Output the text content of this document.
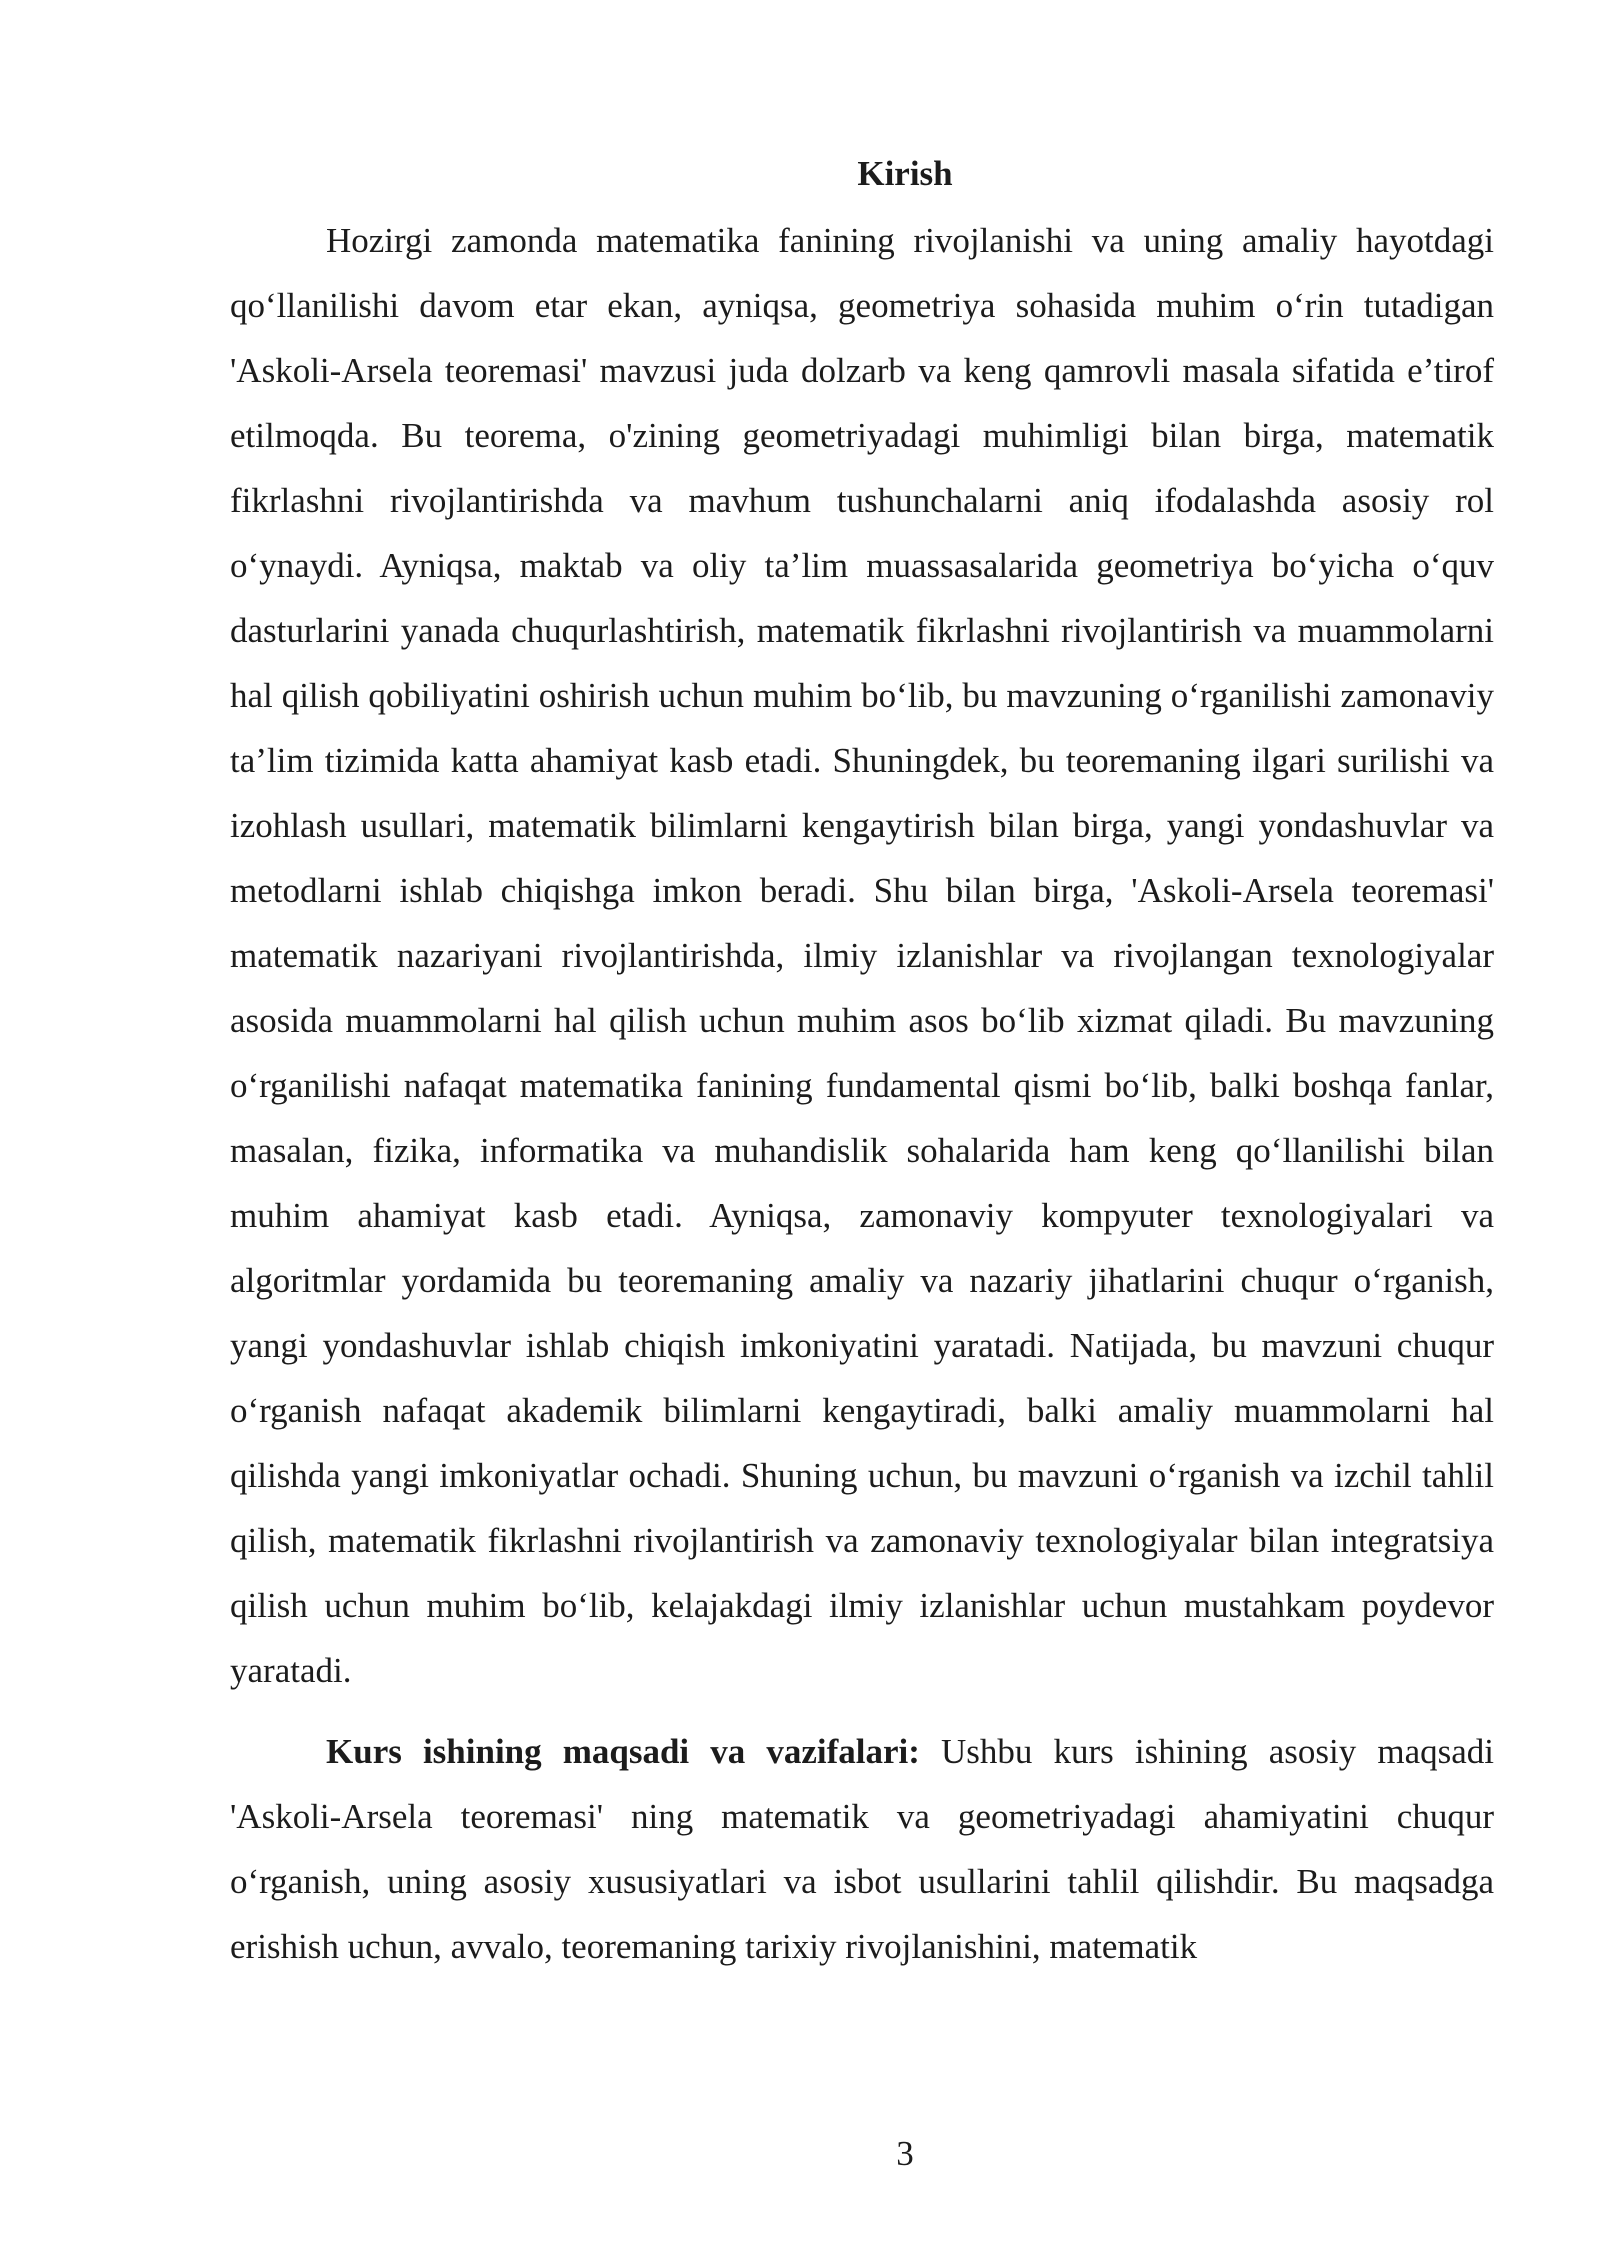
Kirish

Hozirgi zamonda matematika fanining rivojlanishi va uning amaliy hayotdagi qo‘llanilishi davom etar ekan, ayniqsa, geometriya sohasida muhim o‘rin tutadigan 'Askoli-Arsela teoremasi' mavzusi juda dolzarb va keng qamrovli masala sifatida e’tirof etilmoqda. Bu teorema, o'zining geometriyadagi muhimligi bilan birga, matematik fikrlashni rivojlantirishda va mavhum tushunchalarni aniq ifodalashda asosiy rol o‘ynaydi. Ayniqsa, maktab va oliy ta’lim muassasalarida geometriya bo‘yicha o‘quv dasturlarini yanada chuqurlashtirish, matematik fikrlashni rivojlantirish va muammolarni hal qilish qobiliyatini oshirish uchun muhim bo‘lib, bu mavzuning o‘rganilishi zamonaviy ta’lim tizimida katta ahamiyat kasb etadi. Shuningdek, bu teoremaning ilgari surilishi va izohlash usullari, matematik bilimlarni kengaytirish bilan birga, yangi yondashuvlar va metodlarni ishlab chiqishga imkon beradi. Shu bilan birga, 'Askoli-Arsela teoremasi' matematik nazariyani rivojlantirishda, ilmiy izlanishlar va rivojlangan texnologiyalar asosida muammolarni hal qilish uchun muhim asos bo‘lib xizmat qiladi. Bu mavzuning o‘rganilishi nafaqat matematika fanining fundamental qismi bo‘lib, balki boshqa fanlar, masalan, fizika, informatika va muhandislik sohalarida ham keng qo‘llanilishi bilan muhim ahamiyat kasb etadi. Ayniqsa, zamonaviy kompyuter texnologiyalari va algoritmlar yordamida bu teoremaning amaliy va nazariy jihatlarini chuqur o‘rganish, yangi yondashuvlar ishlab chiqish imkoniyatini yaratadi. Natijada, bu mavzuni chuqur o‘rganish nafaqat akademik bilimlarni kengaytiradi, balki amaliy muammolarni hal qilishda yangi imkoniyatlar ochadi. Shuning uchun, bu mavzuni o‘rganish va izchil tahlil qilish, matematik fikrlashni rivojlantirish va zamonaviy texnologiyalar bilan integratsiya qilish uchun muhim bo‘lib, kelajakdagi ilmiy izlanishlar uchun mustahkam poydevor yaratadi.

Kurs ishining maqsadi va vazifalari: Ushbu kurs ishining asosiy maqsadi 'Askoli-Arsela teoremasi' ning matematik va geometriyadagi ahamiyatini chuqur o‘rganish, uning asosiy xususiyatlari va isbot usullarini tahlil qilishdir. Bu maqsadga erishish uchun, avvalo, teoremaning tarixiy rivojlanishini, matematik

3
